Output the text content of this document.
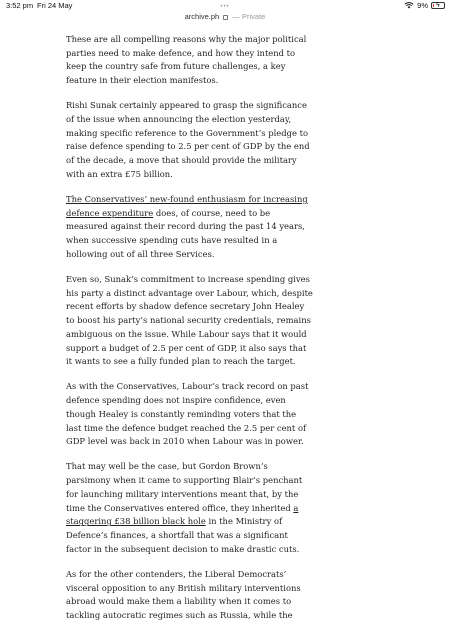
3:52 pm Fri 24 May	9% ϟ
•••
archive.ph — Private

These are all compelling reasons why the major political parties need to make defence, and how they intend to keep the country safe from future challenges, a key feature in their election manifestos.

Rishi Sunak certainly appeared to grasp the significance of the issue when announcing the election yesterday, making specific reference to the Government’s pledge to raise defence spending to 2.5 per cent of GDP by the end of the decade, a move that should provide the military with an extra £75 billion.

The Conservatives’ new-found enthusiasm for increasing defence expenditure does, of course, need to be measured against their record during the past 14 years, when successive spending cuts have resulted in a hollowing out of all three Services.

Even so, Sunak’s commitment to increase spending gives his party a distinct advantage over Labour, which, despite recent efforts by shadow defence secretary John Healey to boost his party’s national security credentials, remains ambiguous on the issue. While Labour says that it would support a budget of 2.5 per cent of GDP, it also says that it wants to see a fully funded plan to reach the target.

As with the Conservatives, Labour’s track record on past defence spending does not inspire confidence, even though Healey is constantly reminding voters that the last time the defence budget reached the 2.5 per cent of GDP level was back in 2010 when Labour was in power.

That may well be the case, but Gordon Brown’s parsimony when it came to supporting Blair’s penchant for launching military interventions meant that, by the time the Conservatives entered office, they inherited a staggering £38 billion black hole in the Ministry of Defence’s finances, a shortfall that was a significant factor in the subsequent decision to make drastic cuts.

As for the other contenders, the Liberal Democrats’ visceral opposition to any British military interventions abroad would make them a liability when it comes to tackling autocratic regimes such as Russia, while the
